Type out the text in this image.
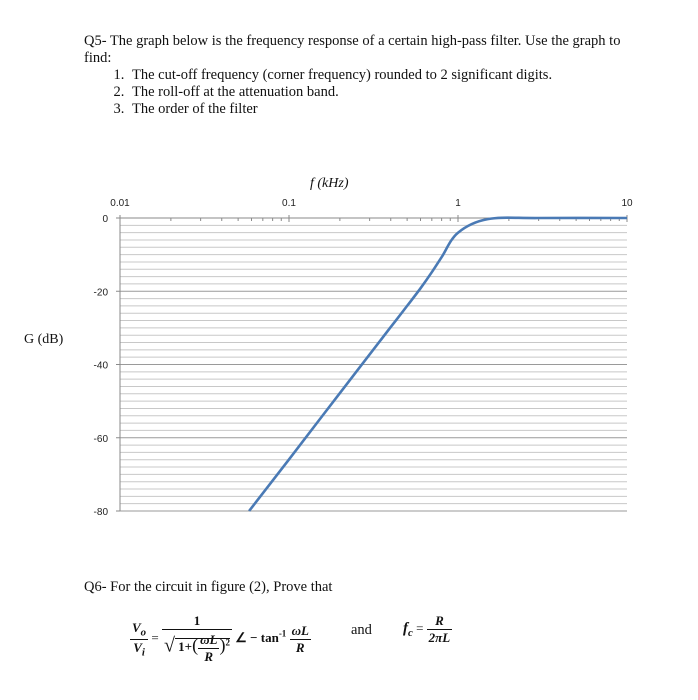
Q5- The graph below is the frequency response of a certain high-pass filter. Use the graph to find:
1. The cut-off frequency (corner frequency) rounded to 2 significant digits.
2. The roll-off at the attenuation band.
3. The order of the filter
0.01	0.1	1	10
0
-20
-40
-60
-80
f (kHz)
G (dB)
Q6- For the circuit in figure (2), Prove that
$\frac{V_o}{V_i} = \frac{1}{√ 1+( \frac{\omega L}{R} )^2}$ ∠ − $\tan^{-1} \frac{\omega L}{R}$	and $f_c = \frac{R}{2\pi L}$
